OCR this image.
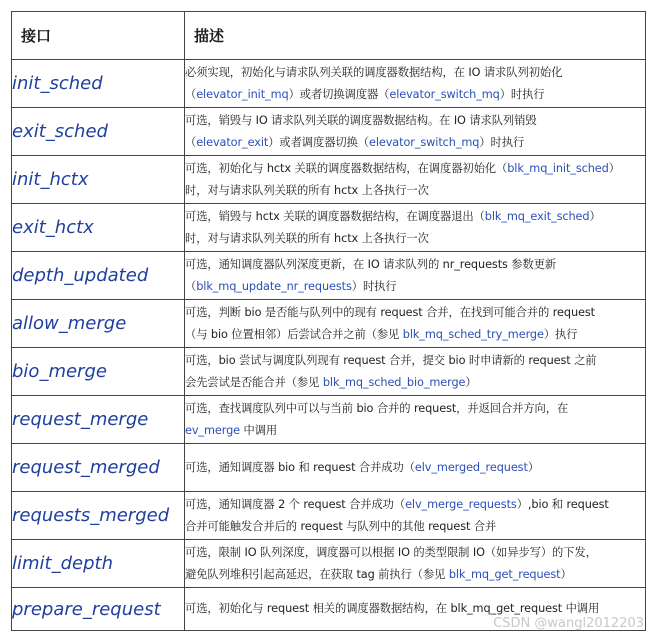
接口	描述
init_sched	必须实现，初始化与请求队列关联的调度器数据结构，在 IO 请求队列初始化
（elevator_init_mq）或者切换调度器（elevator_switch_mq）时执行

exit_sched	可选，销毁与 IO 请求队列关联的调度器数据结构。在 IO 请求队列销毁
（elevator_exit）或者调度器切换（elevator_switch_mq）时执行

init_hctx	可选，初始化与 hctx 关联的调度器数据结构，在调度器初始化（blk_mq_init_sched）
时，对与请求队列关联的所有 hctx 上各执行一次

exit_hctx	可选，销毁与 hctx 关联的调度器数据结构，在调度器退出（blk_mq_exit_sched）
时，对与请求队列关联的所有 hctx 上各执行一次

depth_updated	可选，通知调度器队列深度更新，在 IO 请求队列的 nr_requests 参数更新
（blk_mq_update_nr_requests）时执行

allow_merge	可选，判断 bio 是否能与队列中的现有 request 合并，在找到可能合并的 request
（与 bio 位置相邻）后尝试合并之前（参见 blk_mq_sched_try_merge）执行

bio_merge	可选，bio 尝试与调度队列现有 request 合并，提交 bio 时申请新的 request 之前
会先尝试是否能合并（参见 blk_mq_sched_bio_merge）

request_merge	可选，查找调度队列中可以与当前 bio 合并的 request，并返回合并方向，在
ev_merge 中调用

request_merged	可选，通知调度器 bio 和 request 合并成功（elv_merged_request）

requests_merged	可选，通知调度器 2 个 request 合并成功（elv_merge_requests）,bio 和 request
合并可能触发合并后的 request 与队列中的其他 request 合并

limit_depth	可选，限制 IO 队列深度，调度器可以根据 IO 的类型限制 IO（如异步写）的下发，
避免队列堆积引起高延迟，在获取 tag 前执行（参见 blk_mq_get_request）

prepare_request	可选，初始化与 request 相关的调度器数据结构，在 blk_mq_get_request 中调用
CSDN @wangl2012203
